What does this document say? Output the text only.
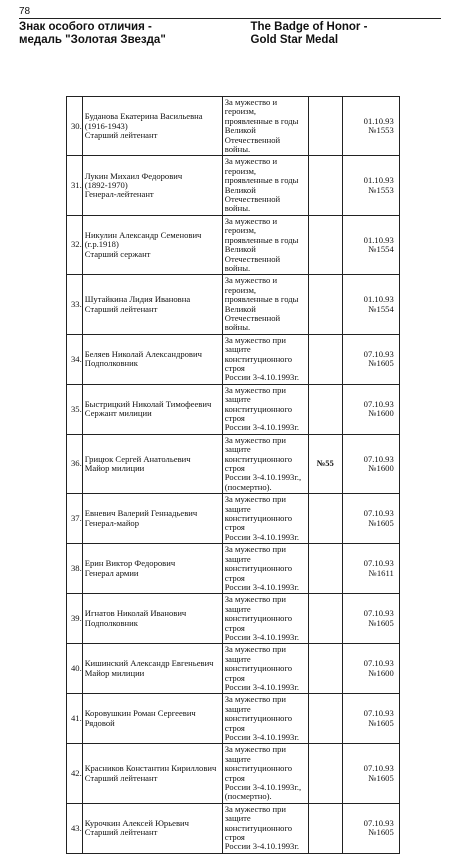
78
Знак особого отличия -
медаль "Золотая Звезда"
The Badge of Honor -
Gold Star Medal
30.	Буданова Екатерина Васильевна
(1916-1943)
Старший лейтенант	За мужество и героизм,
проявленные в годы
Великой Отечественной
войны.		01.10.93
№1553

31.	Лукин Михаил Федорович
(1892-1970)
Генерал-лейтенант	За мужество и героизм,
проявленные в годы
Великой Отечественной
войны.		01.10.93
№1553

32.	Никулин Александр Семенович
(г.р.1918)
Старший сержант	За мужество и героизм,
проявленные в годы
Великой Отечественной
войны.		01.10.93
№1554

33.	Шутайкина Лидия Ивановна
Старший лейтенант	За мужество и героизм,
проявленные в годы
Великой Отечественной
войны.		01.10.93
№1554

34.	Беляев Николай Александрович
Подполковник	За мужество при защите
конституционного строя
России 3-4.10.1993г.		07.10.93
№1605

35.	Быстрицкий Николай Тимофеевич
Сержант милиции	За мужество при защите
конституционного строя
России 3-4.10.1993г.		07.10.93
№1600

36.	Грицюк Сергей Анатольевич
Майор милиции	За мужество при защите
конституционного строя
России 3-4.10.1993г.,
(посмертно).	№55	07.10.93
№1600

37.	Евневич Валерий Геннадьевич
Генерал-майор	За мужество при защите
конституционного строя
России 3-4.10.1993г.		07.10.93
№1605

38.	Ерин Виктор Федорович
Генерал армии	За мужество при защите
конституционного строя
России 3-4.10.1993г.		07.10.93
№1611

39.	Игнатов Николай Иванович
Подполковник	За мужество при защите
конституционного строя
России 3-4.10.1993г.		07.10.93
№1605

40.	Кишинский Александр Евгеньевич
Майор милиции	За мужество при защите
конституционного строя
России 3-4.10.1993г.		07.10.93
№1600

41.	Коровушкин Роман Сергеевич
Рядовой	За мужество при защите
конституционного строя
России 3-4.10.1993г.		07.10.93
№1605

42.	Красников Константин Кириллович
Старший лейтенант	За мужество при защите
конституционного строя
России 3-4.10.1993г.,
(посмертно).		07.10.93
№1605

43.	Курочкин Алексей Юрьевич
Старший лейтенант	За мужество при защите
конституционного строя
России 3-4.10.1993г.		07.10.93
№1605
